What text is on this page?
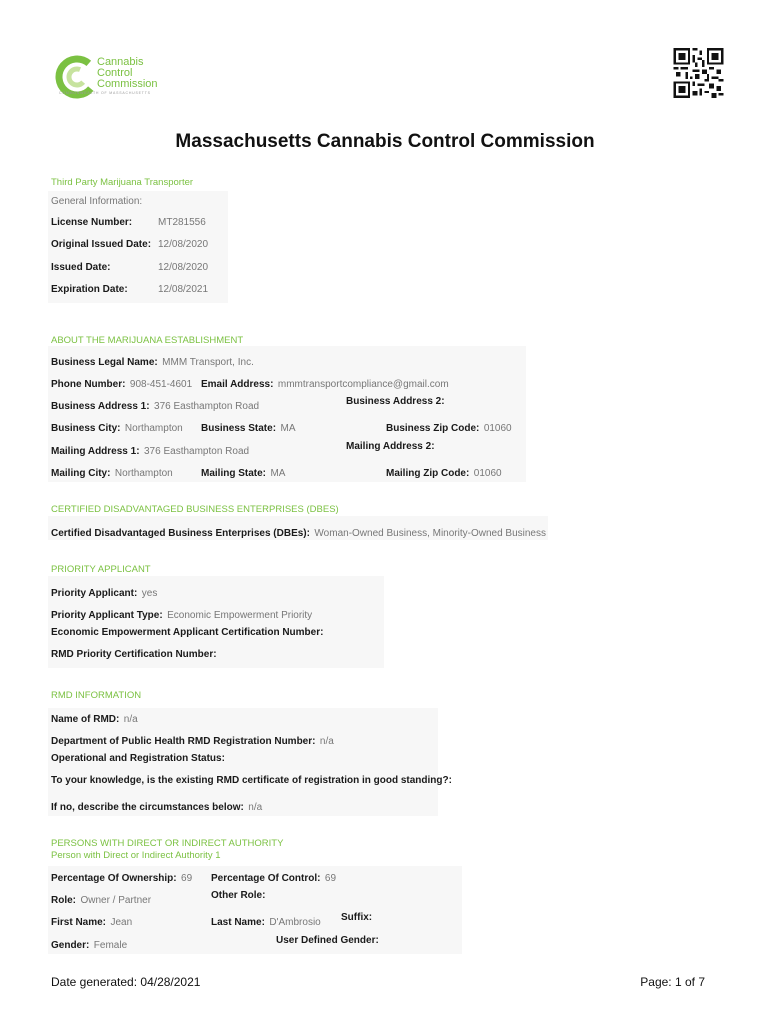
Cannabis
Control
Commission
COMMONWEALTH OF MASSACHUSETTS
Massachusetts Cannabis Control Commission
Third Party Marijuana Transporter
General Information:
License Number:	MT281556
Original Issued Date: 12/08/2020
Issued Date:	12/08/2020
Expiration Date:	12/08/2021
ABOUT THE MARIJUANA ESTABLISHMENT
Business Legal Name: MMM Transport, Inc.
Phone Number: 908-451-4601 Email Address: mmmtransportcompliance@gmail.com
Business Address 1: 376 Easthampton Road	Business Address 2:
Business City: Northampton Business State: MA	Business Zip Code: 01060
Mailing Address 1: 376 Easthampton Road	Mailing Address 2:
Mailing City: Northampton	Mailing State: MA	Mailing Zip Code: 01060
CERTIFIED DISADVANTAGED BUSINESS ENTERPRISES (DBES)
Certified Disadvantaged Business Enterprises (DBEs): Woman-Owned Business, Minority-Owned Business
PRIORITY APPLICANT
Priority Applicant: yes
Priority Applicant Type: Economic Empowerment Priority
Economic Empowerment Applicant Certification Number:
RMD Priority Certification Number:
RMD INFORMATION
Name of RMD: n/a
Department of Public Health RMD Registration Number: n/a
Operational and Registration Status:
To your knowledge, is the existing RMD certificate of registration in good standing?:
If no, describe the circumstances below: n/a
PERSONS WITH DIRECT OR INDIRECT AUTHORITY
Person with Direct or Indirect Authority 1
Percentage Of Ownership: 69 Percentage Of Control: 69
Role: Owner / Partner	Other Role:
First Name: Jean	Last Name: D'Ambrosio Suffix:
Gender: Female	User Defined Gender:
Date generated: 04/28/2021	Page: 1 of 7
